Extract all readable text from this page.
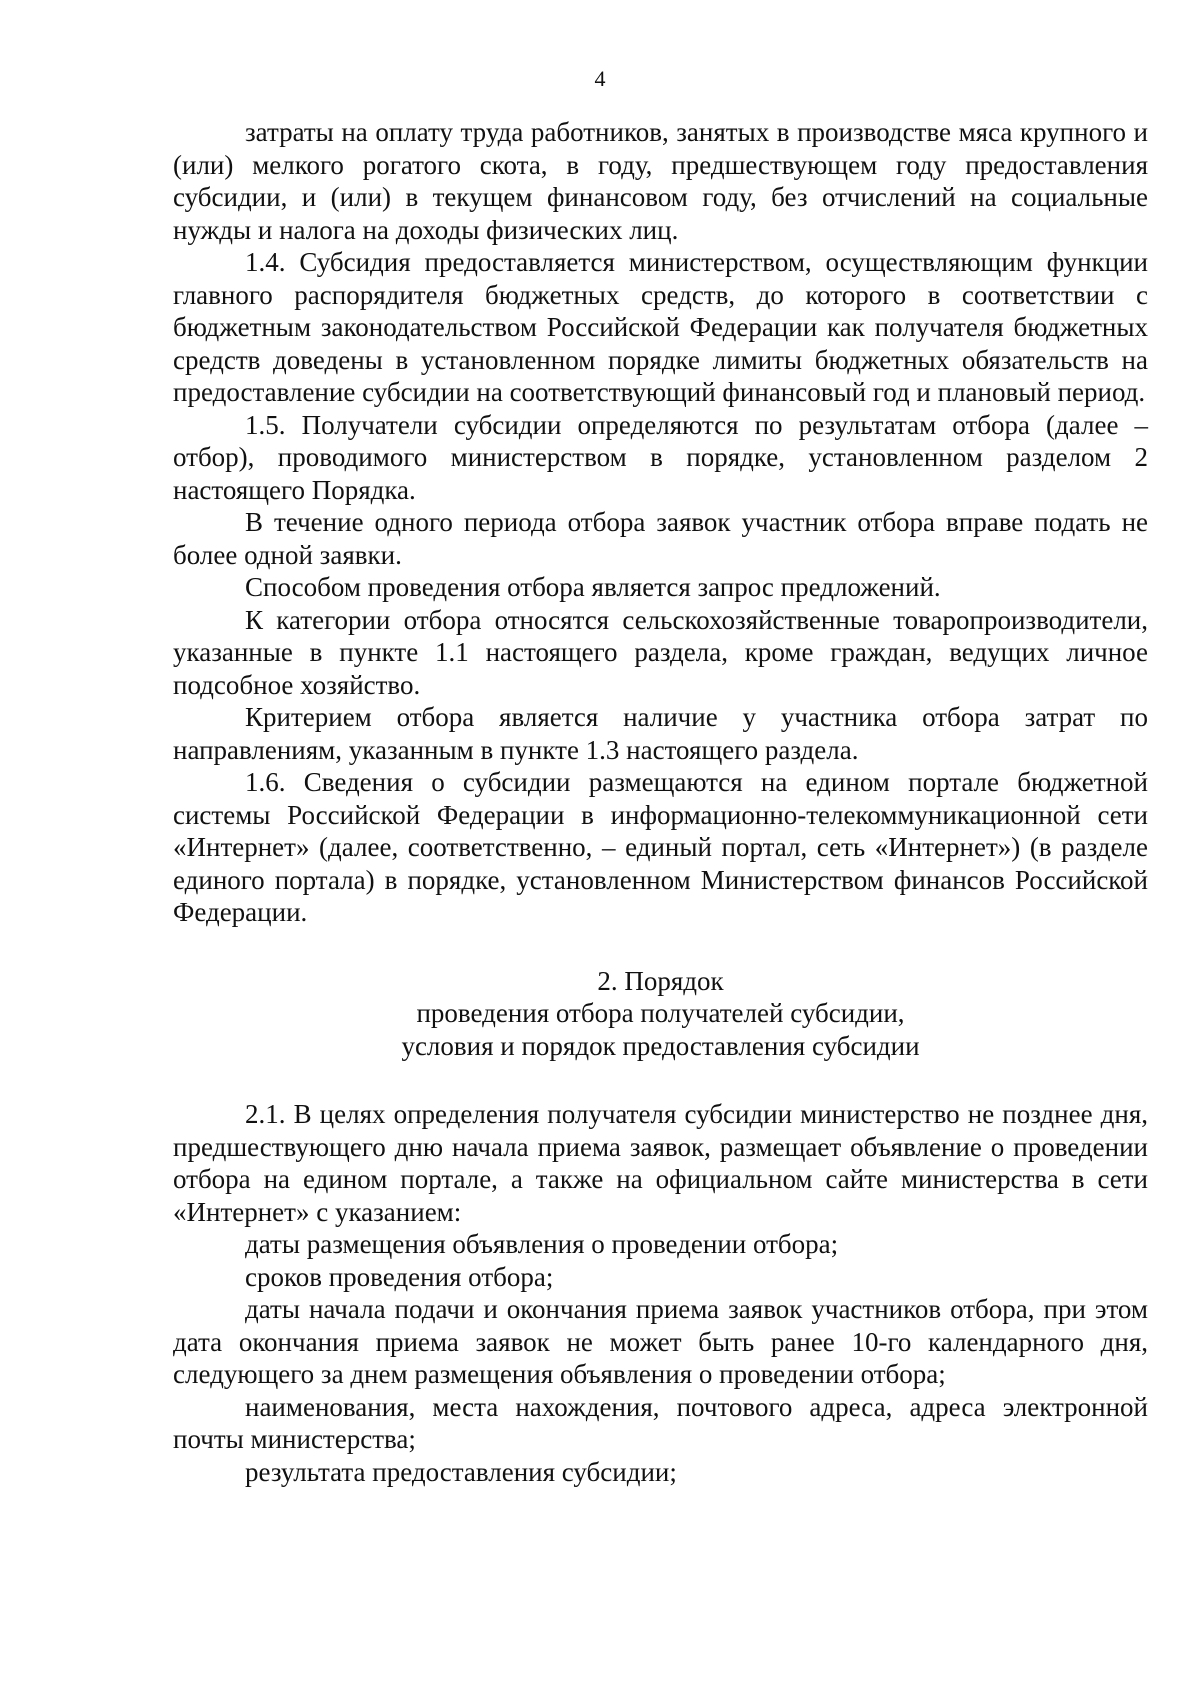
4

затраты на оплату труда работников, занятых в производстве мяса крупного и (или) мелкого рогатого скота, в году, предшествующем году предоставления субсидии, и (или) в текущем финансовом году, без отчислений на социальные нужды и налога на доходы физических лиц.

1.4. Субсидия предоставляется министерством, осуществляющим функции главного распорядителя бюджетных средств, до которого в соответствии с бюджетным законодательством Российской Федерации как получателя бюджетных средств доведены в установленном порядке лимиты бюджетных обязательств на предоставление субсидии на соответствующий финансовый год и плановый период.

1.5. Получатели субсидии определяются по результатам отбора (далее – отбор), проводимого министерством в порядке, установленном разделом 2 настоящего Порядка.

В течение одного периода отбора заявок участник отбора вправе подать не более одной заявки.

Способом проведения отбора является запрос предложений.

К категории отбора относятся сельскохозяйственные товаропроизводители, указанные в пункте 1.1 настоящего раздела, кроме граждан, ведущих личное подсобное хозяйство.

Критерием отбора является наличие у участника отбора затрат по направлениям, указанным в пункте 1.3 настоящего раздела.

1.6. Сведения о субсидии размещаются на едином портале бюджетной системы Российской Федерации в информационно-телекоммуникационной сети «Интернет» (далее, соответственно, – единый портал, сеть «Интернет») (в разделе единого портала) в порядке, установленном Министерством финансов Российской Федерации.

2. Порядок
проведения отбора получателей субсидии,
условия и порядок предоставления субсидии

2.1. В целях определения получателя субсидии министерство не позднее дня, предшествующего дню начала приема заявок, размещает объявление о проведении отбора на едином портале, а также на официальном сайте министерства в сети «Интернет» с указанием:

даты размещения объявления о проведении отбора;

сроков проведения отбора;

даты начала подачи и окончания приема заявок участников отбора, при этом дата окончания приема заявок не может быть ранее 10-го календарного дня, следующего за днем размещения объявления о проведении отбора;

наименования, места нахождения, почтового адреса, адреса электронной почты министерства;

результата предоставления субсидии;
